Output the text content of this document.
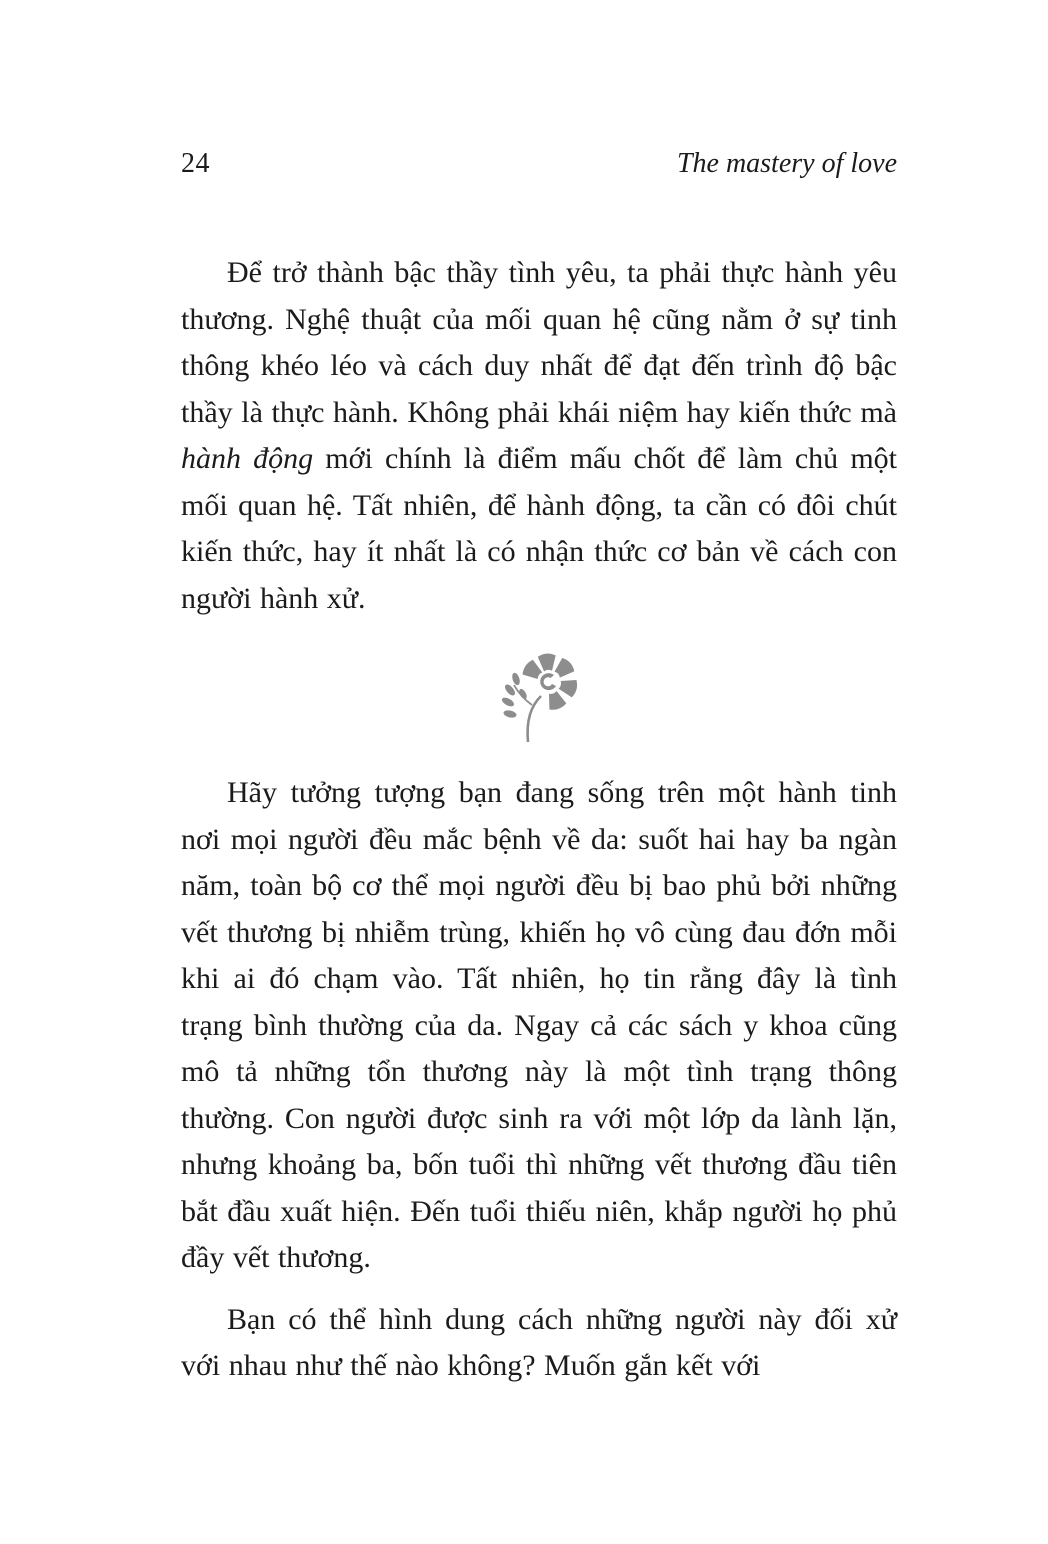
24	The mastery of love

Để trở thành bậc thầy tình yêu, ta phải thực hành yêu thương. Nghệ thuật của mối quan hệ cũng nằm ở sự tinh thông khéo léo và cách duy nhất để đạt đến trình độ bậc thầy là thực hành. Không phải khái niệm hay kiến thức mà hành động mới chính là điểm mấu chốt để làm chủ một mối quan hệ. Tất nhiên, để hành động, ta cần có đôi chút kiến thức, hay ít nhất là có nhận thức cơ bản về cách con người hành xử.

Hãy tưởng tượng bạn đang sống trên một hành tinh nơi mọi người đều mắc bệnh về da: suốt hai hay ba ngàn năm, toàn bộ cơ thể mọi người đều bị bao phủ bởi những vết thương bị nhiễm trùng, khiến họ vô cùng đau đớn mỗi khi ai đó chạm vào. Tất nhiên, họ tin rằng đây là tình trạng bình thường của da. Ngay cả các sách y khoa cũng mô tả những tổn thương này là một tình trạng thông thường. Con người được sinh ra với một lớp da lành lặn, nhưng khoảng ba, bốn tuổi thì những vết thương đầu tiên bắt đầu xuất hiện. Đến tuổi thiếu niên, khắp người họ phủ đầy vết thương.

Bạn có thể hình dung cách những người này đối xử với nhau như thế nào không? Muốn gắn kết với
